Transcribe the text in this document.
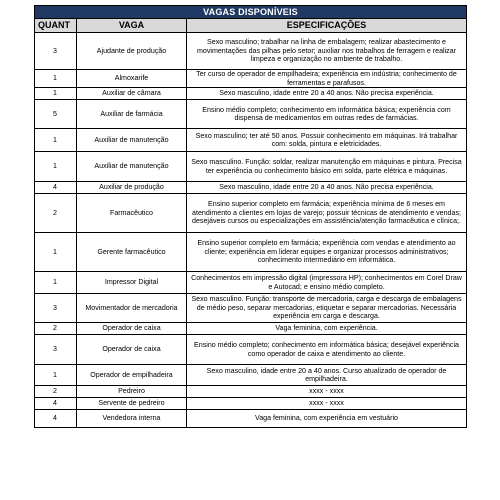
VAGAS DISPONÍVEIS		
QUANT	VAGA	ESPECIFICAÇÕES
3	Ajudante de produção	Sexo masculino; trabalhar na linha de embalagem; realizar abastecimento e movimentações das pilhas pelo setor; auxiliar nos trabalhos de ferragem e realizar limpeza e organização no ambiente de trabalho.
1	Almoxarife	Ter curso de operador de empilhadeira; experiência em indústria; conhecimento de ferramentas e parafusos.
1	Auxiliar de câmara	Sexo masculino, idade entre 20 a 40 anos. Não precisa experiência.
5	Auxiliar de farmácia	Ensino médio completo; conhecimento em informática básica; experiência com dispensa de medicamentos em outras redes de farmácias.
1	Auxiliar de manutenção	Sexo masculino; ter até 50 anos. Possuir conhecimento em máquinas. Irá trabalhar com: solda, pintura e eletricidades.
1	Auxiliar de manutenção	Sexo masculino. Função: soldar, realizar manutenção em máquinas e pintura. Precisa ter experiência ou conhecimento básico em solda, parte elétrica e máquinas.
4	Auxiliar de produção	Sexo masculino, idade entre 20 a 40 anos. Não precisa experiência.
2	Farmacêutico	Ensino superior completo em farmácia; experiência mínima de 6 meses em atendimento a clientes em lojas de varejo; possuir técnicas de atendimento e vendas; desejáveis cursos ou especializações em assistência/atenção farmacêutica e clínica;.
1	Gerente farmacêutico	Ensino superior completo em farmácia; experiência com vendas e atendimento ao cliente; experiência em liderar equipes e organizar processos administrativos; conhecimento intermediário em informática.
1	Impressor Digital	Conhecimentos em impressão digital (impressora HP); conhecimentos em Corel Draw e Autocad; e ensino médio completo.
3	Movimentador de mercadoria	Sexo masculino. Função: transporte de mercadoria, carga e descarga de embalagens de médio peso, separar mercadorias, etiquetar e separar mercadorias. Necessária experiência em carga e descarga.
2	Operador de caixa	Vaga feminina, com experiência.
3	Operador de caixa	Ensino médio completo; conhecimento em informática básica; desejável experiência como operador de caixa e atendimento ao cliente.
1	Operador de empilhadeira	Sexo masculino, idade entre 20 a 40 anos. Curso atualizado de operador de empilhadeira.
2	Pedreiro	xxxx - xxxx
4	Servente de pedreiro	xxxx - xxxx
4	Vendedora interna	Vaga feminina, com experiência em vestuário
